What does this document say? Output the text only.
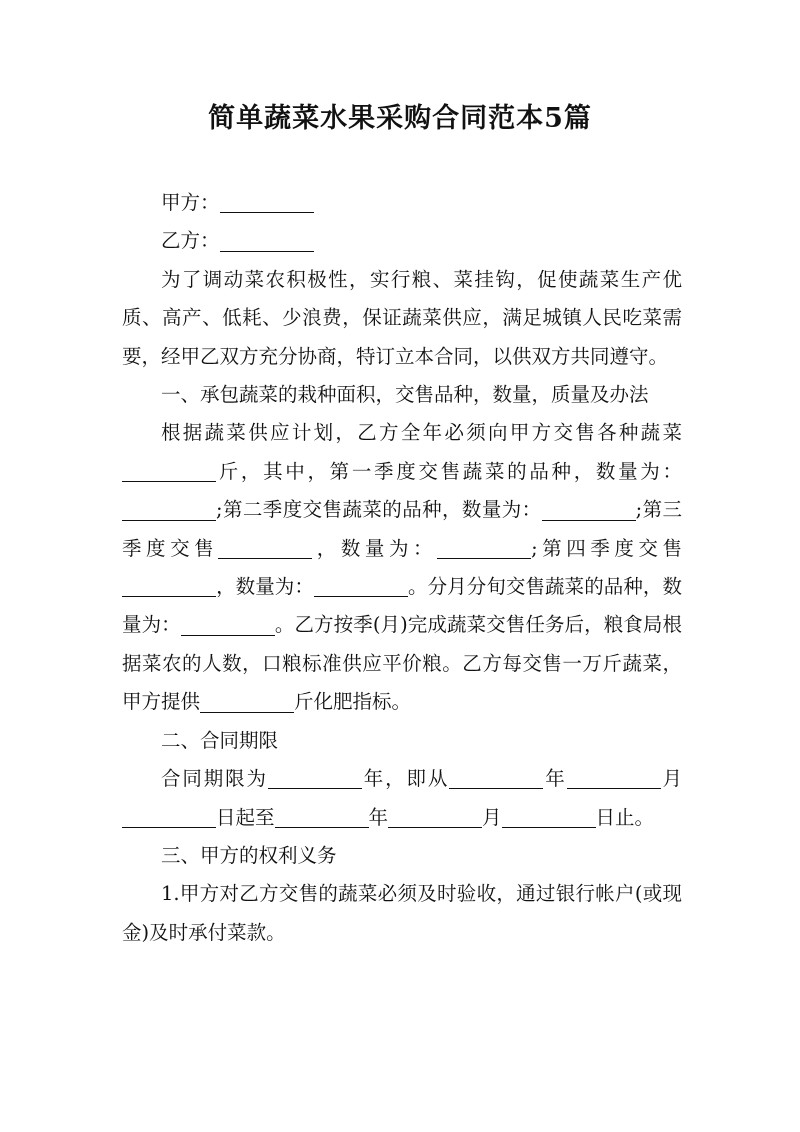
简单蔬菜水果采购合同范本5篇

甲方：

乙方：

为了调动菜农积极性，实行粮、菜挂钩，促使蔬菜生产优质、高产、低耗、少浪费，保证蔬菜供应，满足城镇人民吃菜需要，经甲乙双方充分协商，特订立本合同，以供双方共同遵守。

一、承包蔬菜的栽种面积，交售品种，数量，质量及办法

根据蔬菜供应计划，乙方全年必须向甲方交售各种蔬菜斤，其中，第一季度交售蔬菜的品种，数量为：;第二季度交售蔬菜的品种，数量为：	;第三季度交售	，数量为：	;第四季度交售，数量为：	。分月分旬交售蔬菜的品种，数量为：	。乙方按季(月)完成蔬菜交售任务后，粮食局根据菜农的人数，口粮标准供应平价粮。乙方每交售一万斤蔬菜，甲方提供	斤化肥指标。

二、合同期限

合同期限为	年，即从	年	月日起至	年	月	日止。

三、甲方的权利义务

1.甲方对乙方交售的蔬菜必须及时验收，通过银行帐户(或现金)及时承付菜款。
